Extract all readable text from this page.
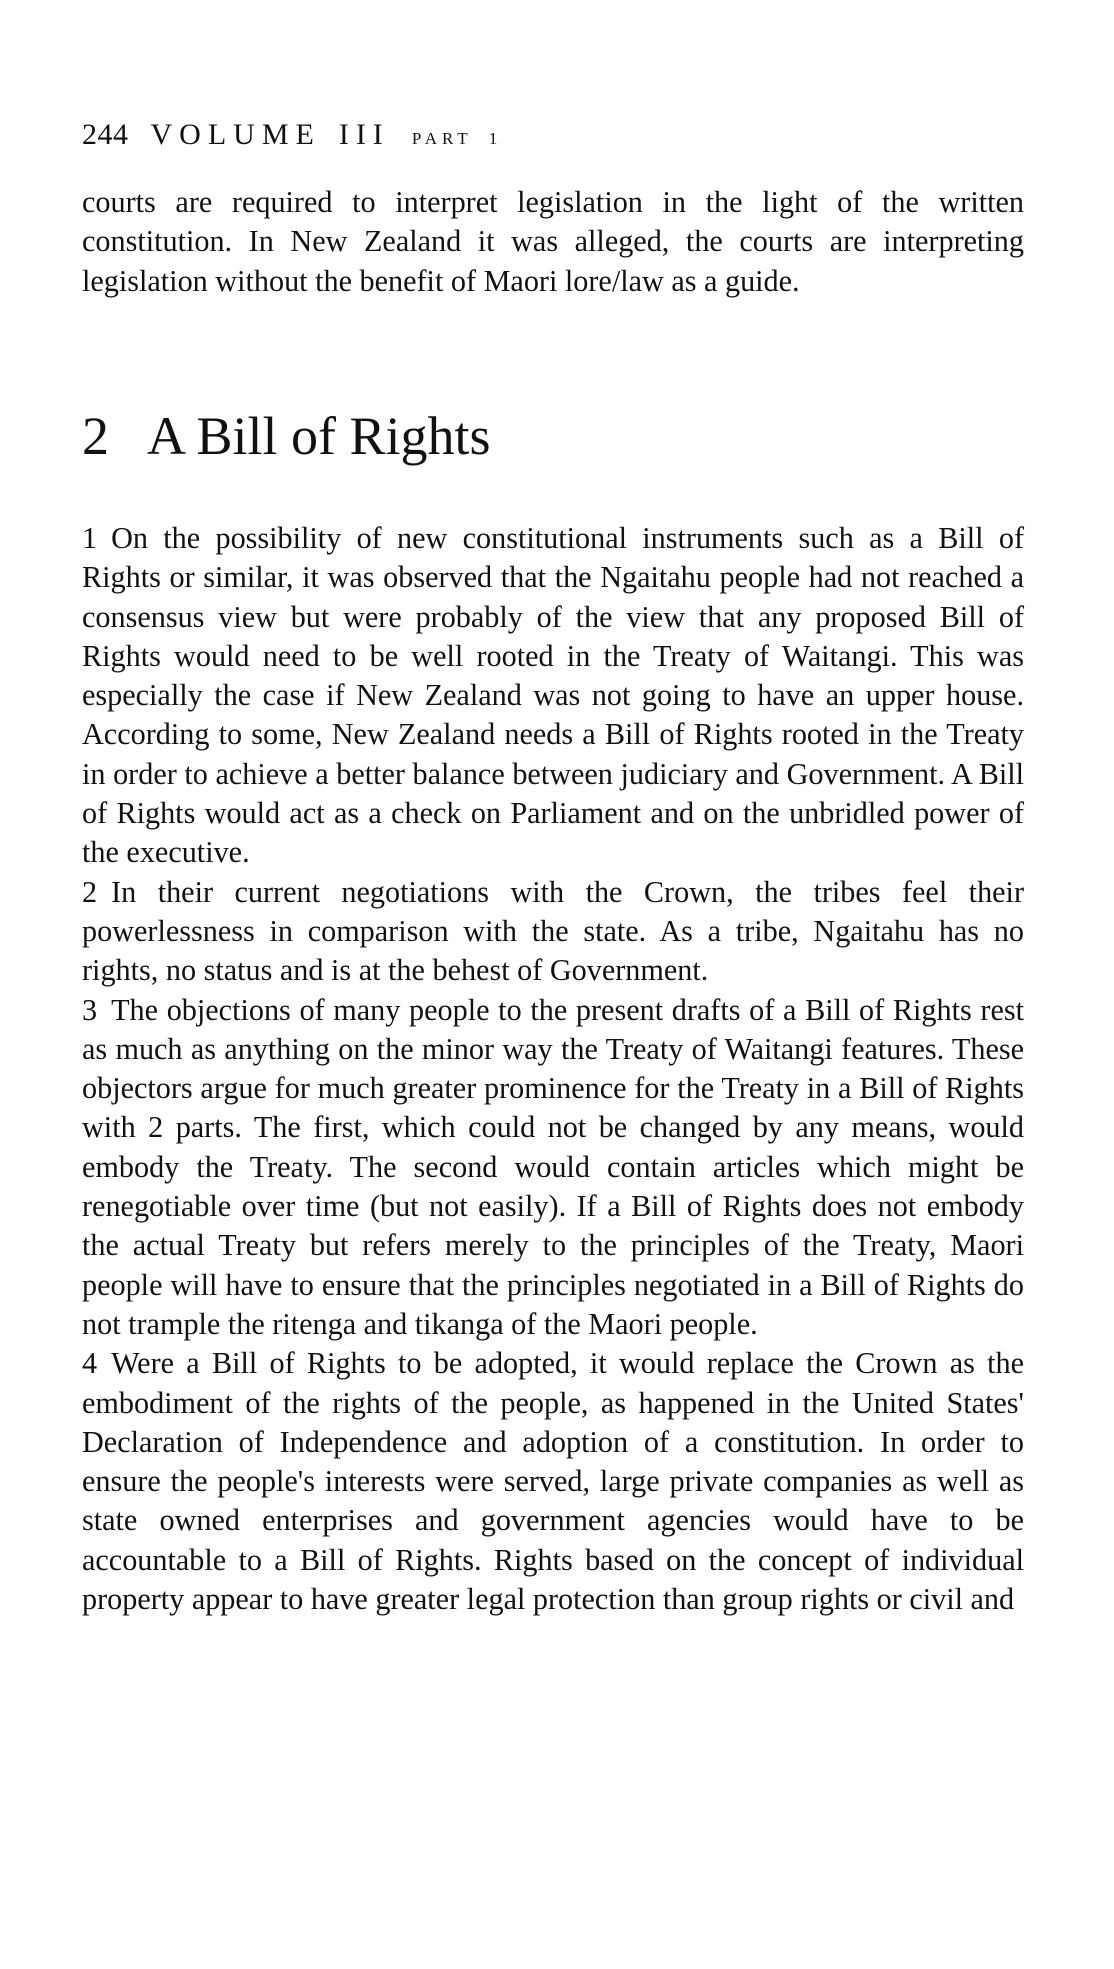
244 VOLUME III PART 1

courts are required to interpret legislation in the light of the written constitution. In New Zealand it was alleged, the courts are interpreting legislation without the benefit of Maori lore/law as a guide.

2 A Bill of Rights

1 On the possibility of new constitutional instruments such as a Bill of Rights or similar, it was observed that the Ngaitahu people had not reached a consensus view but were probably of the view that any proposed Bill of Rights would need to be well rooted in the Treaty of Waitangi. This was especially the case if New Zealand was not going to have an upper house. According to some, New Zealand needs a Bill of Rights rooted in the Treaty in order to achieve a better balance between judiciary and Government. A Bill of Rights would act as a check on Parliament and on the unbridled power of the executive.

2 In their current negotiations with the Crown, the tribes feel their powerlessness in comparison with the state. As a tribe, Ngaitahu has no rights, no status and is at the behest of Government.

3 The objections of many people to the present drafts of a Bill of Rights rest as much as anything on the minor way the Treaty of Waitangi features. These objectors argue for much greater prominence for the Treaty in a Bill of Rights with 2 parts. The first, which could not be changed by any means, would embody the Treaty. The second would contain articles which might be renegotiable over time (but not easily). If a Bill of Rights does not embody the actual Treaty but refers merely to the principles of the Treaty, Maori people will have to ensure that the principles negotiated in a Bill of Rights do not trample the ritenga and tikanga of the Maori people.

4 Were a Bill of Rights to be adopted, it would replace the Crown as the embodiment of the rights of the people, as happened in the United States' Declaration of Independence and adoption of a constitution. In order to ensure the people's interests were served, large private companies as well as state owned enterprises and government agencies would have to be accountable to a Bill of Rights. Rights based on the concept of individual property appear to have greater legal protection than group rights or civil and
